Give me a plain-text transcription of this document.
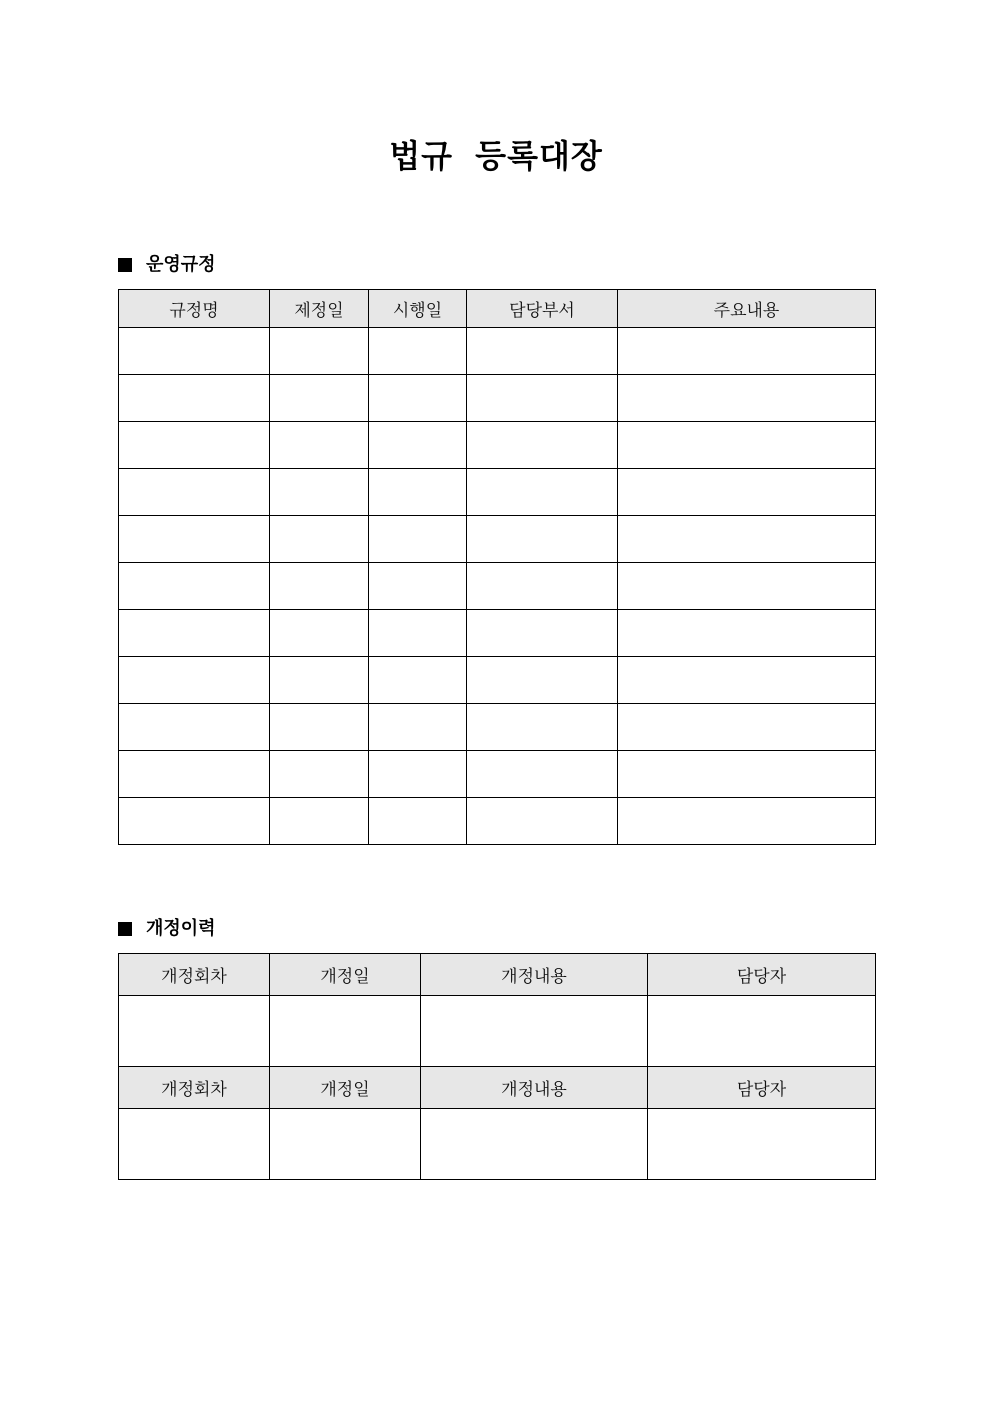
법규 등록대장
운영규정
규정명	제정일	시행일	담당부서	주요내용

개정이력
개정회차	개정일	개정내용	담당자

개정회차	개정일	개정내용	담당자
